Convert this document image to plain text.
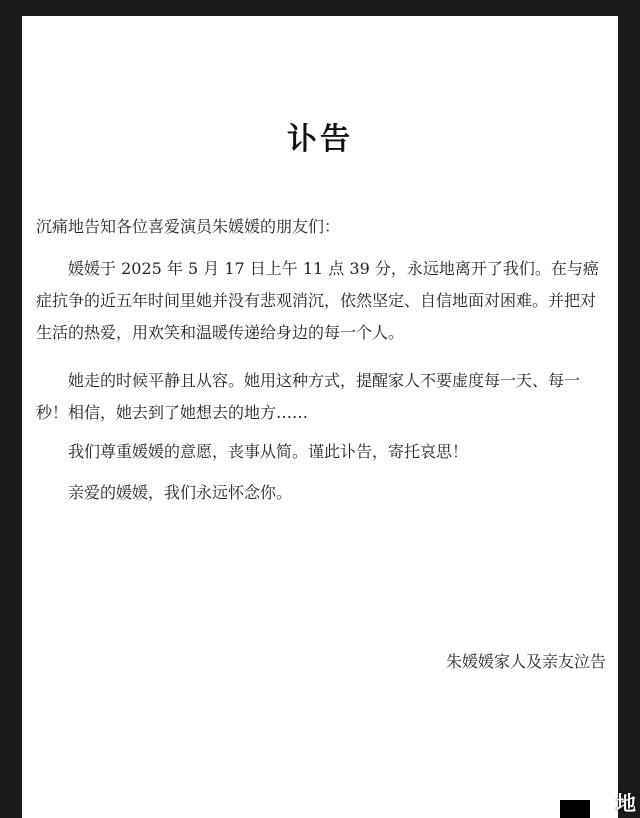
讣告

沉痛地告知各位喜爱演员朱媛媛的朋友们：

媛媛于 2025 年 5 月 17 日上午 11 点 39 分，永远地离开了我们。在与癌症抗争的近五年时间里她并没有悲观消沉，依然坚定、自信地面对困难。并把对生活的热爱，用欢笑和温暖传递给身边的每一个人。

她走的时候平静且从容。她用这种方式，提醒家人不要虚度每一天、每一秒！相信，她去到了她想去的地方……

我们尊重媛媛的意愿，丧事从简。谨此讣告，寄托哀思！

亲爱的媛媛，我们永远怀念你。

朱媛媛家人及亲友泣告
地
